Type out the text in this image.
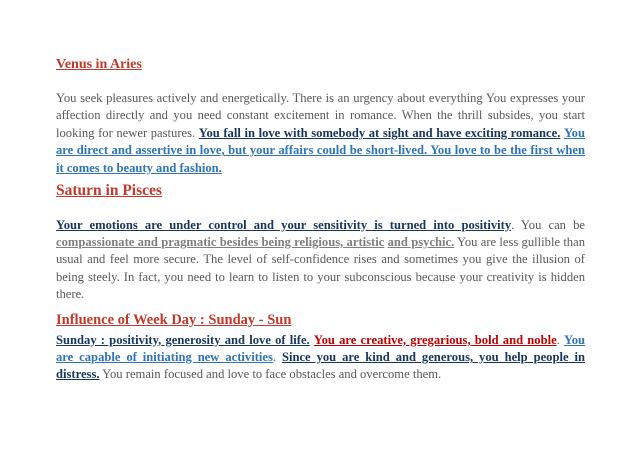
Venus in Aries

You seek pleasures actively and energetically. There is an urgency about everything You expresses your affection directly and you need constant excitement in romance. When the thrill subsides, you start looking for newer pastures. You fall in love with somebody at sight and have exciting romance. You are direct and assertive in love, but your affairs could be short-lived. You love to be the first when it comes to beauty and fashion.

Saturn in Pisces

Your emotions are under control and your sensitivity is turned into positivity. You can be compassionate and pragmatic besides being religious, artistic and psychic. You are less gullible than usual and feel more secure. The level of self-confidence rises and sometimes you give the illusion of being steely. In fact, you need to learn to listen to your subconscious because your creativity is hidden there.

Influence of Week Day : Sunday - Sun

Sunday : positivity, generosity and love of life. You are creative, gregarious, bold and noble. You are capable of initiating new activities. Since you are kind and generous, you help people in distress. You remain focused and love to face obstacles and overcome them.
